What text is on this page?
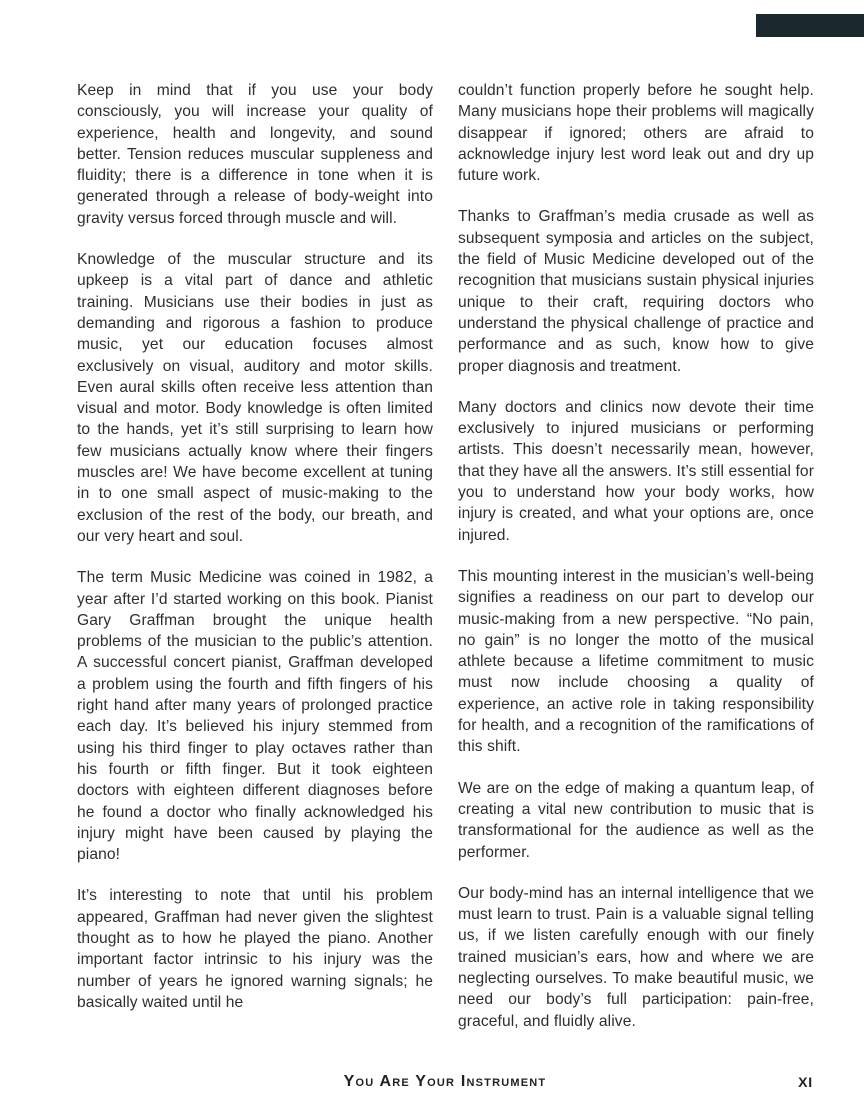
Keep in mind that if you use your body consciously, you will increase your quality of experience, health and longevity, and sound better. Tension reduces muscular suppleness and fluidity; there is a difference in tone when it is generated through a release of body-weight into gravity versus forced through muscle and will.

Knowledge of the muscular structure and its upkeep is a vital part of dance and athletic training. Musicians use their bodies in just as demanding and rigorous a fashion to produce music, yet our education focuses almost exclusively on visual, auditory and motor skills. Even aural skills often receive less attention than visual and motor. Body knowledge is often limited to the hands, yet it’s still surprising to learn how few musicians actually know where their fingers muscles are! We have become excellent at tuning in to one small aspect of music-making to the exclusion of the rest of the body, our breath, and our very heart and soul.

The term Music Medicine was coined in 1982, a year after I’d started working on this book. Pianist Gary Graffman brought the unique health problems of the musician to the public’s attention. A successful concert pianist, Graffman developed a problem using the fourth and fifth fingers of his right hand after many years of prolonged practice each day. It’s believed his injury stemmed from using his third finger to play octaves rather than his fourth or fifth finger. But it took eighteen doctors with eighteen different diagnoses before he found a doctor who finally acknowledged his injury might have been caused by playing the piano!

It’s interesting to note that until his problem appeared, Graffman had never given the slightest thought as to how he played the piano. Another important factor intrinsic to his injury was the number of years he ignored warning signals; he basically waited until he

couldn’t function properly before he sought help. Many musicians hope their problems will magically disappear if ignored; others are afraid to acknowledge injury lest word leak out and dry up future work.

Thanks to Graffman’s media crusade as well as subsequent symposia and articles on the subject, the field of Music Medicine developed out of the recognition that musicians sustain physical injuries unique to their craft, requiring doctors who understand the physical challenge of practice and performance and as such, know how to give proper diagnosis and treatment.

Many doctors and clinics now devote their time exclusively to injured musicians or performing artists. This doesn’t necessarily mean, however, that they have all the answers. It’s still essential for you to understand how your body works, how injury is created, and what your options are, once injured.

This mounting interest in the musician’s well-being signifies a readiness on our part to develop our music-making from a new perspective. “No pain, no gain” is no longer the motto of the musical athlete because a lifetime commitment to music must now include choosing a quality of experience, an active role in taking responsibility for health, and a recognition of the ramifications of this shift.

We are on the edge of making a quantum leap, of creating a vital new contribution to music that is transformational for the audience as well as the performer.

Our body-mind has an internal intelligence that we must learn to trust. Pain is a valuable signal telling us, if we listen carefully enough with our finely trained musician’s ears, how and where we are neglecting ourselves. To make beautiful music, we need our body’s full participation: pain-free, graceful, and fluidly alive.

You Are Your Instrument	XI
